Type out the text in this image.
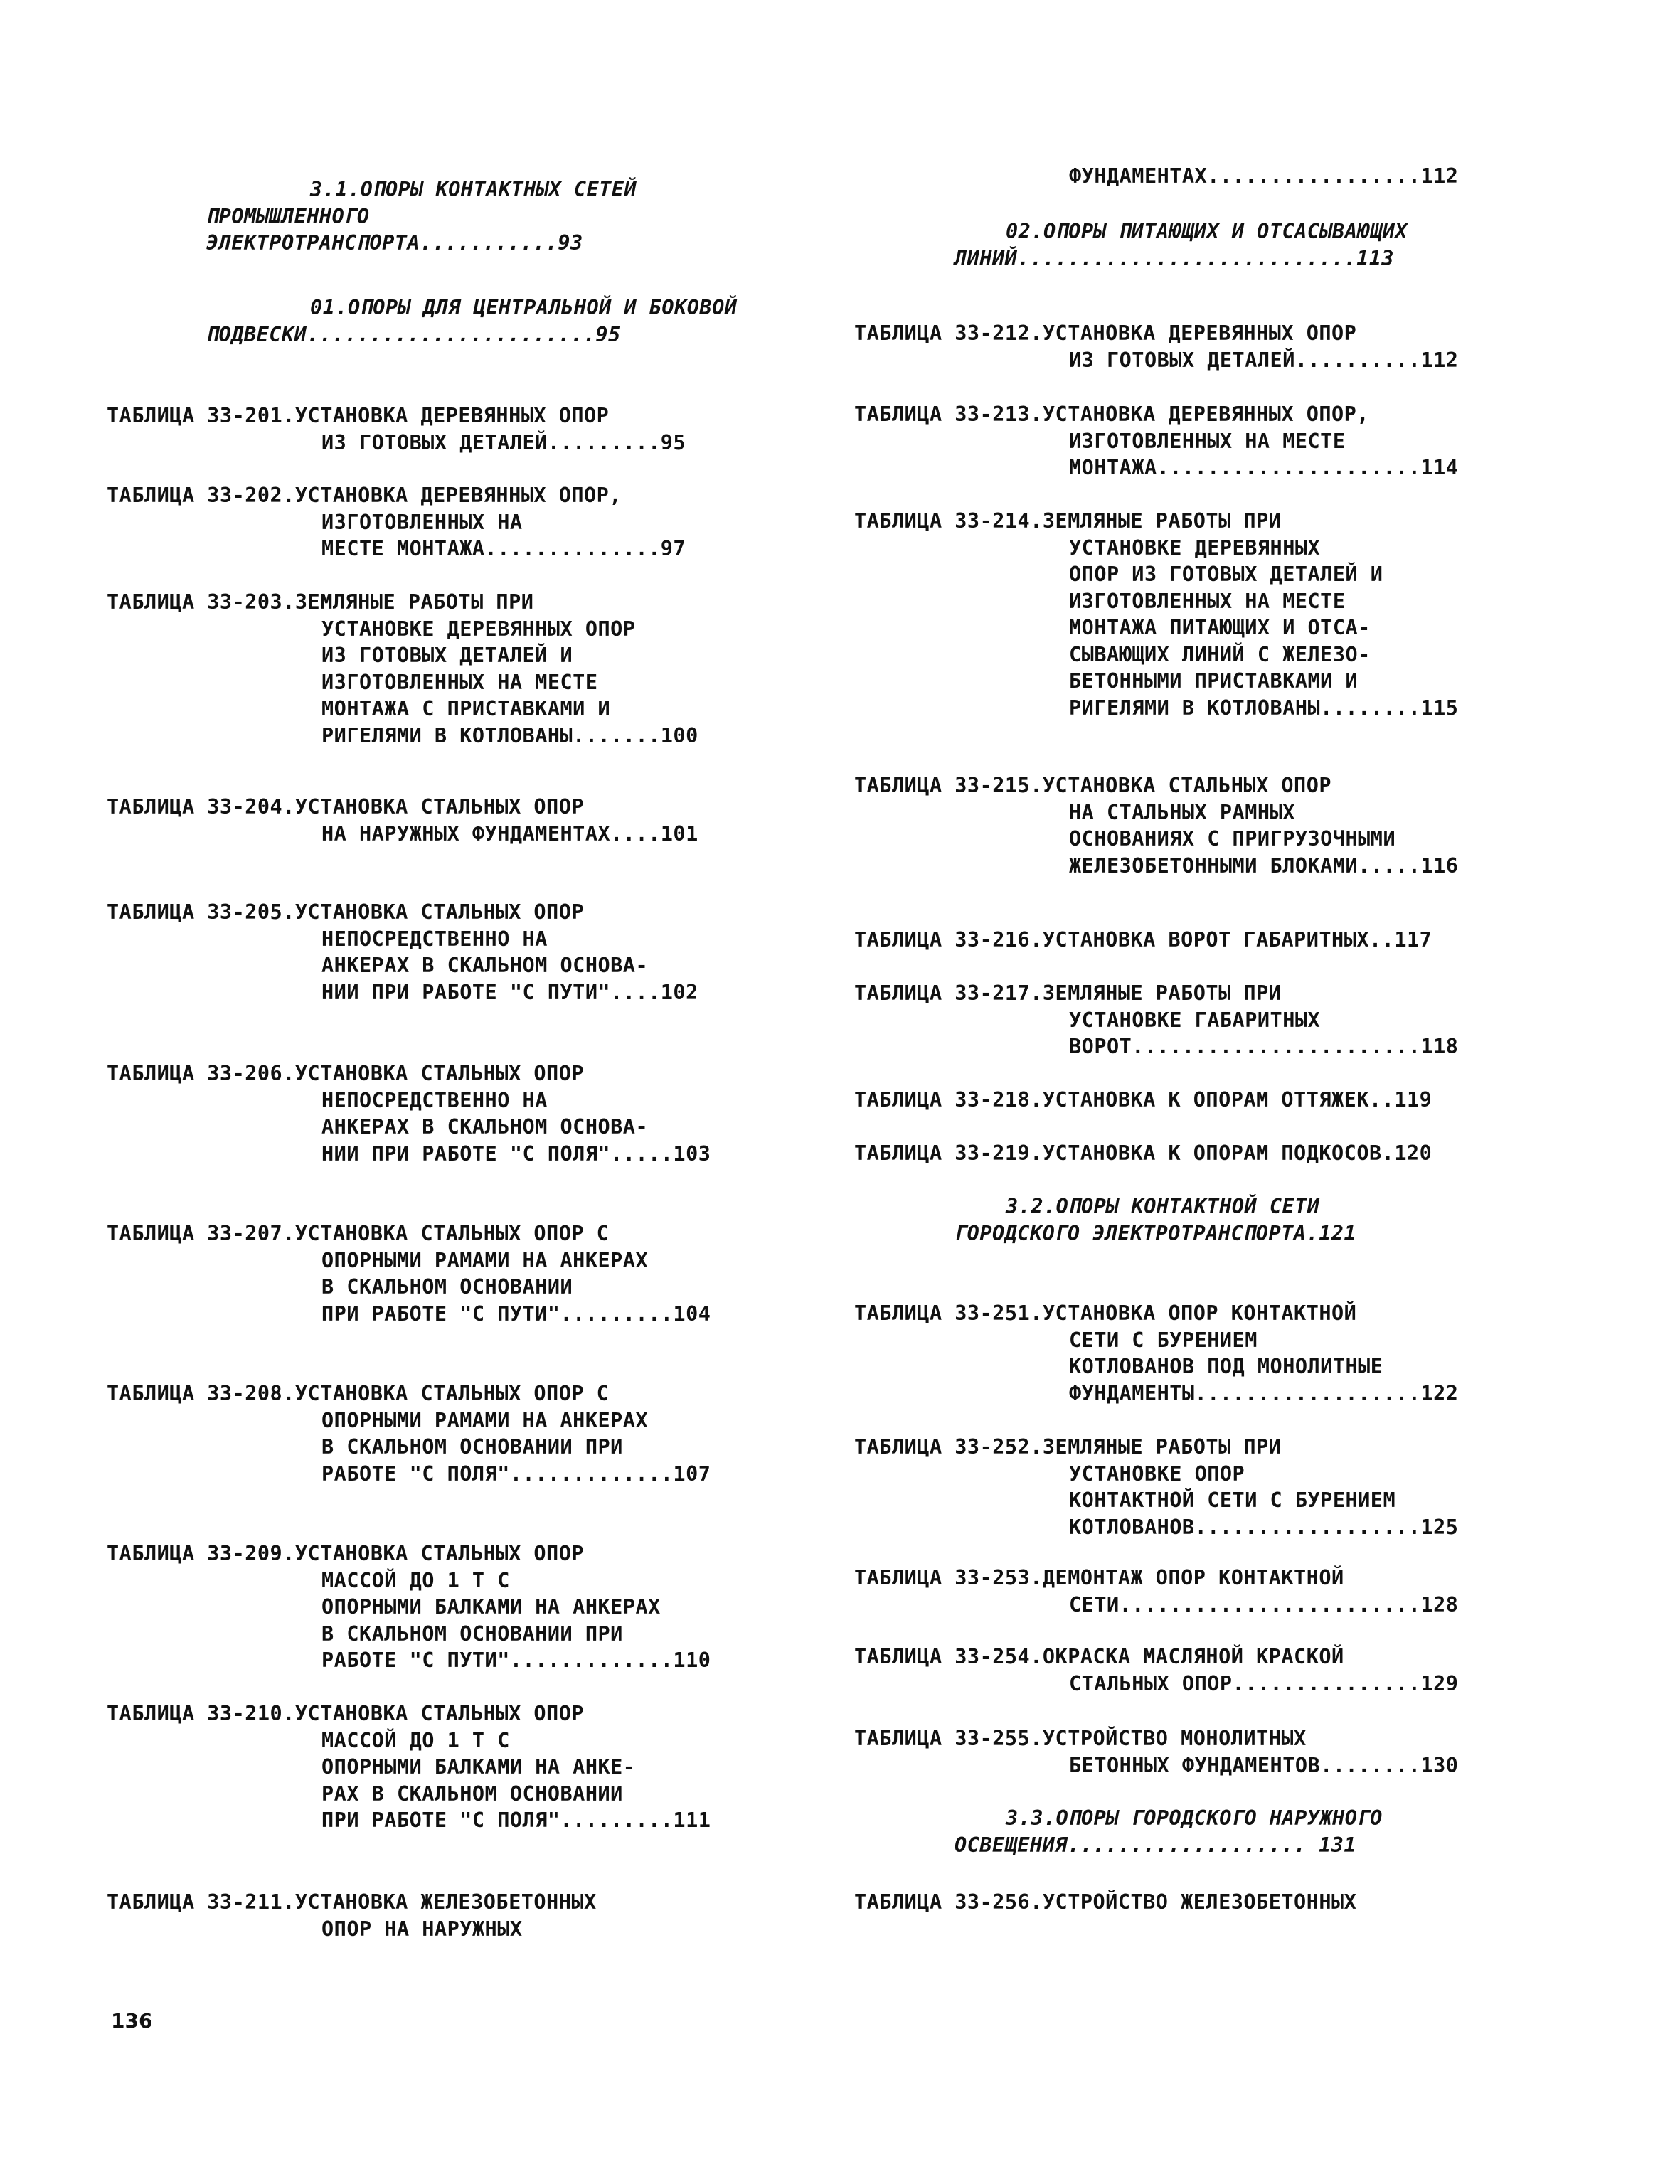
3.1.ОПОРЫ КОНТАКТНЫХ СЕТЕЙ
ПРОМЫШЛЕННОГО
ЭЛЕКТРОТРАНСПОРТА...........93
01.ОПОРЫ ДЛЯ ЦЕНТРАЛЬНОЙ И БОКОВОЙ
ПОДВЕСКИ.......................95
ТАБЛИЦА 33-201.УСТАНОВКА ДЕРЕВЯННЫХ ОПОР
ИЗ ГОТОВЫХ ДЕТАЛЕЙ.........95
ТАБЛИЦА 33-202.УСТАНОВКА ДЕРЕВЯННЫХ ОПОР,
ИЗГОТОВЛЕННЫХ НА
МЕСТЕ МОНТАЖА..............97
ТАБЛИЦА 33-203.ЗЕМЛЯНЫЕ РАБОТЫ ПРИ
УСТАНОВКЕ ДЕРЕВЯННЫХ ОПОР
ИЗ ГОТОВЫХ ДЕТАЛЕЙ И
ИЗГОТОВЛЕННЫХ НА МЕСТЕ
МОНТАЖА С ПРИСТАВКАМИ И
РИГЕЛЯМИ В КОТЛОВАНЫ.......100
ТАБЛИЦА 33-204.УСТАНОВКА СТАЛЬНЫХ ОПОР
НА НАРУЖНЫХ ФУНДАМЕНТАХ....101
ТАБЛИЦА 33-205.УСТАНОВКА СТАЛЬНЫХ ОПОР
НЕПОСРЕДСТВЕННО НА
АНКЕРАХ В СКАЛЬНОМ ОСНОВА-
НИИ ПРИ РАБОТЕ "С ПУТИ"....102
ТАБЛИЦА 33-206.УСТАНОВКА СТАЛЬНЫХ ОПОР
НЕПОСРЕДСТВЕННО НА
АНКЕРАХ В СКАЛЬНОМ ОСНОВА-
НИИ ПРИ РАБОТЕ "С ПОЛЯ".....103
ТАБЛИЦА 33-207.УСТАНОВКА СТАЛЬНЫХ ОПОР С
ОПОРНЫМИ РАМАМИ НА АНКЕРАХ
В СКАЛЬНОМ ОСНОВАНИИ
ПРИ РАБОТЕ "С ПУТИ".........104
ТАБЛИЦА 33-208.УСТАНОВКА СТАЛЬНЫХ ОПОР С
ОПОРНЫМИ РАМАМИ НА АНКЕРАХ
В СКАЛЬНОМ ОСНОВАНИИ ПРИ
РАБОТЕ "С ПОЛЯ".............107
ТАБЛИЦА 33-209.УСТАНОВКА СТАЛЬНЫХ ОПОР
МАССОЙ ДО 1 Т С
ОПОРНЫМИ БАЛКАМИ НА АНКЕРАХ
В СКАЛЬНОМ ОСНОВАНИИ ПРИ
РАБОТЕ "С ПУТИ".............110
ТАБЛИЦА 33-210.УСТАНОВКА СТАЛЬНЫХ ОПОР
МАССОЙ ДО 1 Т С
ОПОРНЫМИ БАЛКАМИ НА АНКЕ-
РАХ В СКАЛЬНОМ ОСНОВАНИИ
ПРИ РАБОТЕ "С ПОЛЯ".........111
ТАБЛИЦА 33-211.УСТАНОВКА ЖЕЛЕЗОБЕТОННЫХ
ОПОР НА НАРУЖНЫХ
ФУНДАМЕНТАХ.................112
02.ОПОРЫ ПИТАЮЩИХ И ОТСАСЫВАЮЩИХ
ЛИНИЙ...........................113
ТАБЛИЦА 33-212.УСТАНОВКА ДЕРЕВЯННЫХ ОПОР
ИЗ ГОТОВЫХ ДЕТАЛЕЙ..........112
ТАБЛИЦА 33-213.УСТАНОВКА ДЕРЕВЯННЫХ ОПОР,
ИЗГОТОВЛЕННЫХ НА МЕСТЕ
МОНТАЖА.....................114
ТАБЛИЦА 33-214.ЗЕМЛЯНЫЕ РАБОТЫ ПРИ
УСТАНОВКЕ ДЕРЕВЯННЫХ
ОПОР ИЗ ГОТОВЫХ ДЕТАЛЕЙ И
ИЗГОТОВЛЕННЫХ НА МЕСТЕ
МОНТАЖА ПИТАЮЩИХ И ОТСА-
СЫВАЮЩИХ ЛИНИЙ С ЖЕЛЕЗО-
БЕТОННЫМИ ПРИСТАВКАМИ И
РИГЕЛЯМИ В КОТЛОВАНЫ........115
ТАБЛИЦА 33-215.УСТАНОВКА СТАЛЬНЫХ ОПОР
НА СТАЛЬНЫХ РАМНЫХ
ОСНОВАНИЯХ С ПРИГРУЗОЧНЫМИ
ЖЕЛЕЗОБЕТОННЫМИ БЛОКАМИ.....116
ТАБЛИЦА 33-216.УСТАНОВКА ВОРОТ ГАБАРИТНЫХ..117
ТАБЛИЦА 33-217.ЗЕМЛЯНЫЕ РАБОТЫ ПРИ
УСТАНОВКЕ ГАБАРИТНЫХ
ВОРОТ.......................118
ТАБЛИЦА 33-218.УСТАНОВКА К ОПОРАМ ОТТЯЖЕК..119
ТАБЛИЦА 33-219.УСТАНОВКА К ОПОРАМ ПОДКОСОВ.120
3.2.ОПОРЫ КОНТАКТНОЙ СЕТИ
ГОРОДСКОГО ЭЛЕКТРОТРАНСПОРТА.121
ТАБЛИЦА 33-251.УСТАНОВКА ОПОР КОНТАКТНОЙ
СЕТИ С БУРЕНИЕМ
КОТЛОВАНОВ ПОД МОНОЛИТНЫЕ
ФУНДАМЕНТЫ..................122
ТАБЛИЦА 33-252.ЗЕМЛЯНЫЕ РАБОТЫ ПРИ
УСТАНОВКЕ ОПОР
КОНТАКТНОЙ СЕТИ С БУРЕНИЕМ
КОТЛОВАНОВ..................125
ТАБЛИЦА 33-253.ДЕМОНТАЖ ОПОР КОНТАКТНОЙ
СЕТИ........................128
ТАБЛИЦА 33-254.ОКРАСКА МАСЛЯНОЙ КРАСКОЙ
СТАЛЬНЫХ ОПОР...............129
ТАБЛИЦА 33-255.УСТРОЙСТВО МОНОЛИТНЫХ
БЕТОННЫХ ФУНДАМЕНТОВ........130
3.3.ОПОРЫ ГОРОДСКОГО НАРУЖНОГО
ОСВЕЩЕНИЯ................... 131
ТАБЛИЦА 33-256.УСТРОЙСТВО ЖЕЛЕЗОБЕТОННЫХ
136
